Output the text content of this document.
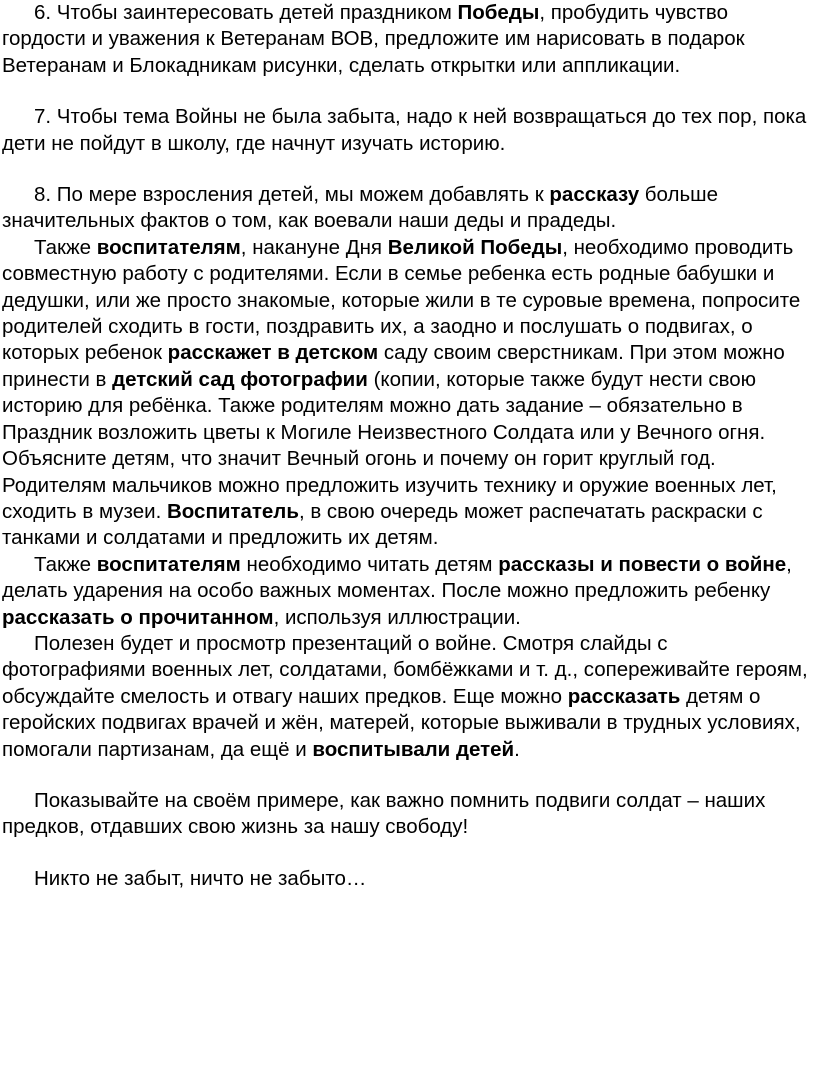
6. Чтобы заинтересовать детей праздником Победы, пробудить чувство гордости и уважения к Ветеранам ВОВ, предложите им нарисовать в подарок Ветеранам и Блокадникам рисунки, сделать открытки или аппликации.

7. Чтобы тема Войны не была забыта, надо к ней возвращаться до тех пор, пока дети не пойдут в школу, где начнут изучать историю.

8. По мере взросления детей, мы можем добавлять к рассказу больше значительных фактов о том, как воевали наши деды и прадеды.

Также воспитателям, накануне Дня Великой Победы, необходимо проводить совместную работу с родителями. Если в семье ребенка есть родные бабушки и дедушки, или же просто знакомые, которые жили в те суровые времена, попросите родителей сходить в гости, поздравить их, а заодно и послушать о подвигах, о которых ребенок расскажет в детском саду своим сверстникам. При этом можно принести в детский сад фотографии (копии, которые также будут нести свою историю для ребёнка. Также родителям можно дать задание – обязательно в Праздник возложить цветы к Могиле Неизвестного Солдата или у Вечного огня. Объясните детям, что значит Вечный огонь и почему он горит круглый год. Родителям мальчиков можно предложить изучить технику и оружие военных лет, сходить в музеи. Воспитатель, в свою очередь может распечатать раскраски с танками и солдатами и предложить их детям.

Также воспитателям необходимо читать детям рассказы и повести о войне, делать ударения на особо важных моментах. После можно предложить ребенку рассказать о прочитанном, используя иллюстрации.

Полезен будет и просмотр презентаций о войне. Смотря слайды с фотографиями военных лет, солдатами, бомбёжками и т. д., сопереживайте героям, обсуждайте смелость и отвагу наших предков. Еще можно рассказать детям о геройских подвигах врачей и жён, матерей, которые выживали в трудных условиях, помогали партизанам, да ещё и воспитывали детей.

Показывайте на своём примере, как важно помнить подвиги солдат – наших предков, отдавших свою жизнь за нашу свободу!

Никто не забыт, ничто не забыто…
